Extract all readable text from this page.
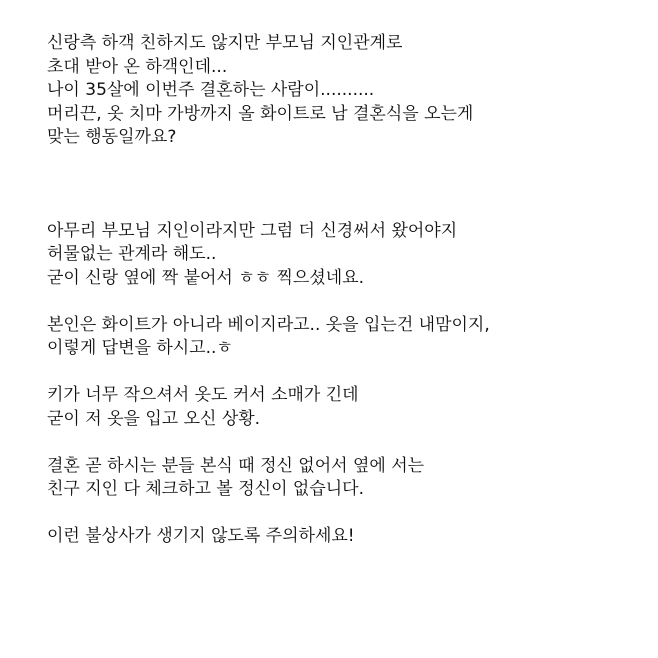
신랑측 하객 친하지도 않지만 부모님 지인관계로
초대 받아 온 하객인데...
나이 35살에 이번주 결혼하는 사람이..........
머리끈, 옷 치마 가방까지 올 화이트로 남 결혼식을 오는게
맞는 행동일까요?

아무리 부모님 지인이라지만 그럼 더 신경써서 왔어야지
허물없는 관계라 해도..
굳이 신랑 옆에 짝 붙어서 ㅎㅎ 찍으셨네요.

본인은 화이트가 아니라 베이지라고.. 옷을 입는건 내맘이지,
이렇게 답변을 하시고..ㅎ

키가 너무 작으셔서 옷도 커서 소매가 긴데
굳이 저 옷을 입고 오신 상황.

결혼 곧 하시는 분들 본식 때 정신 없어서 옆에 서는
친구 지인 다 체크하고 볼 정신이 없습니다.

이런 불상사가 생기지 않도록 주의하세요!
